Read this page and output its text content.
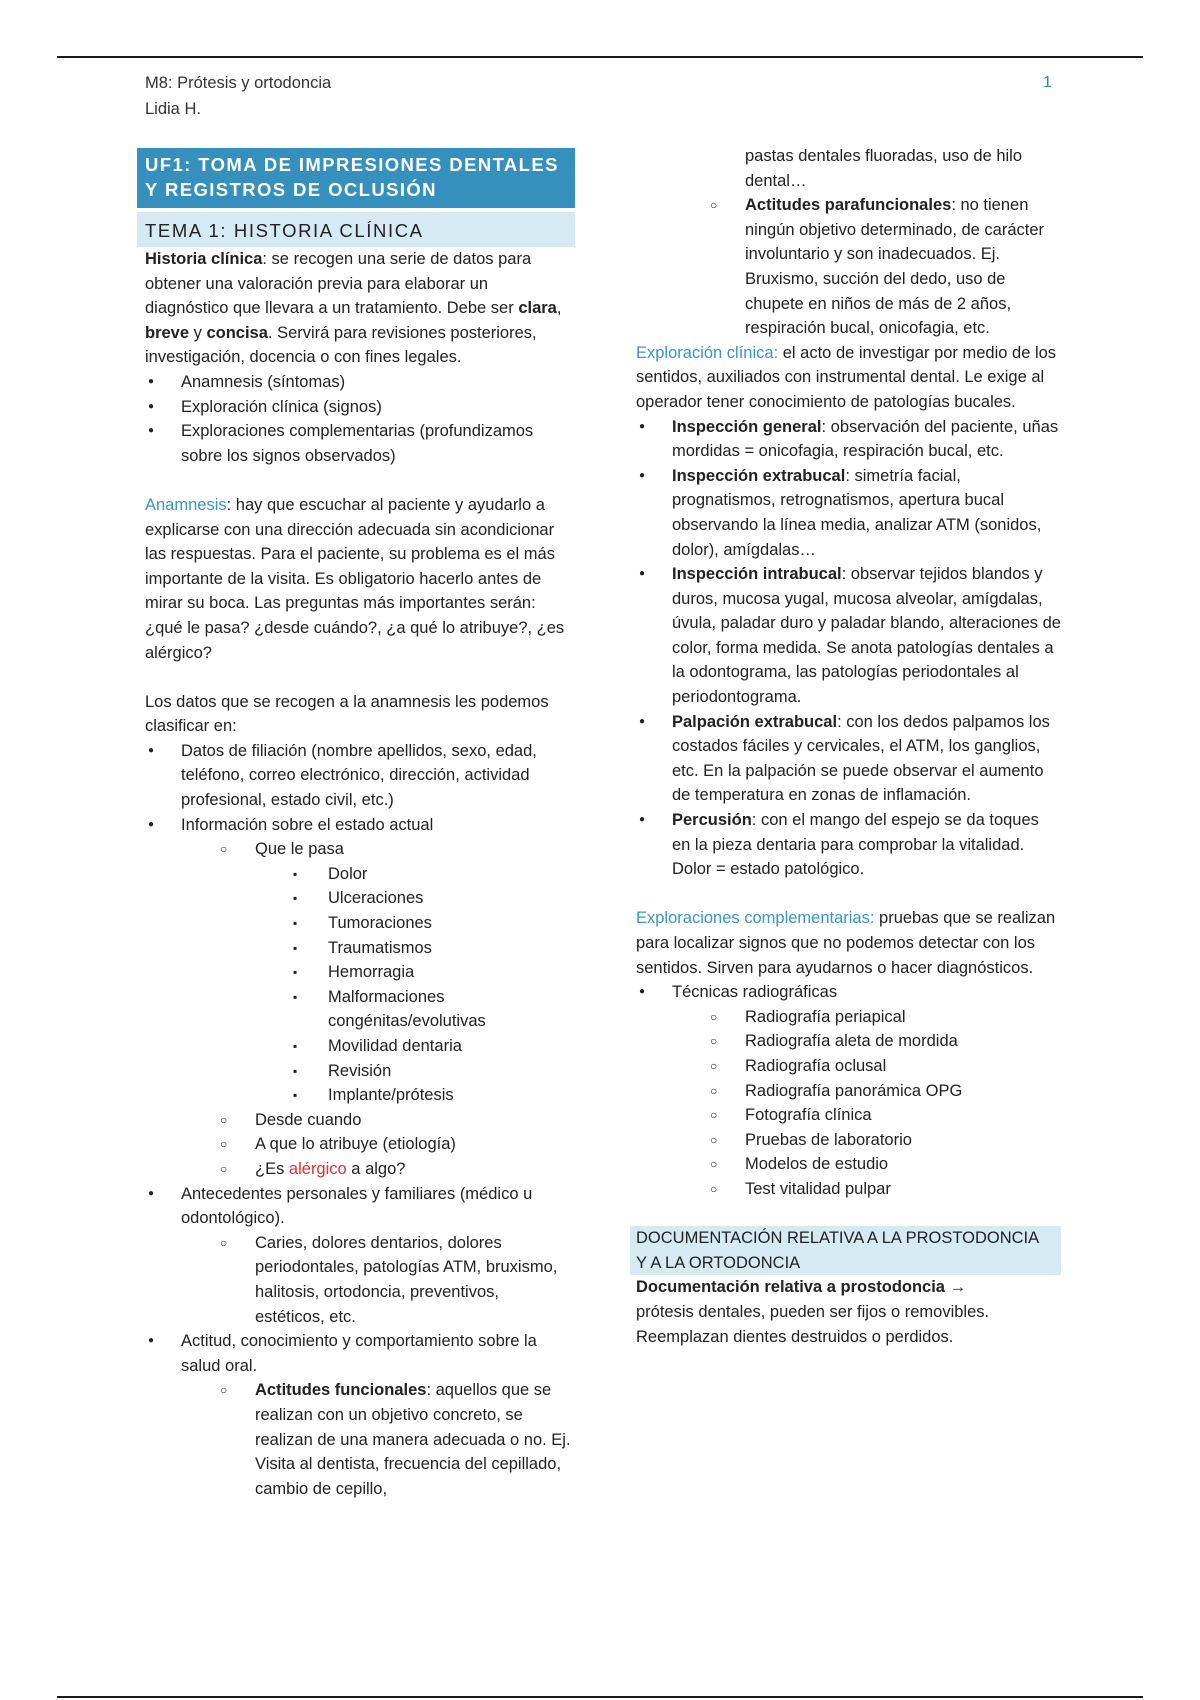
M8: Prótesis y ortodoncia
Lidia H.
1
UF1: TOMA DE IMPRESIONES DENTALES
Y REGISTROS DE OCLUSIÓN
TEMA 1: HISTORIA CLÍNICA

Historia clínica: se recogen una serie de datos para obtener una valoración previa para elaborar un diagnóstico que llevara a un tratamiento. Debe ser clara, breve y concisa. Servirá para revisiones posteriores, investigación, docencia o con fines legales.

● Anamnesis (síntomas)
● Exploración clínica (signos)
● Exploraciones complementarias (profundizamos sobre los signos observados)

Anamnesis: hay que escuchar al paciente y ayudarlo a explicarse con una dirección adecuada sin acondicionar las respuestas. Para el paciente, su problema es el más importante de la visita. Es obligatorio hacerlo antes de mirar su boca. Las preguntas más importantes serán: ¿qué le pasa? ¿desde cuándo?, ¿a qué lo atribuye?, ¿es alérgico?

Los datos que se recogen a la anamnesis les podemos clasificar en:

● Datos de filiación (nombre apellidos, sexo, edad, teléfono, correo electrónico, dirección, actividad profesional, estado civil, etc.)
● Información sobre el estado actual
○ Que le pasa
▪ Dolor
▪ Ulceraciones
▪ Tumoraciones
▪ Traumatismos
▪ Hemorragia
▪ Malformaciones congénitas/evolutivas
▪ Movilidad dentaria
▪ Revisión
▪ Implante/prótesis
○ Desde cuando
○ A que lo atribuye (etiología)
○ ¿Es alérgico a algo?
● Antecedentes personales y familiares (médico u odontológico).
○ Caries, dolores dentarios, dolores periodontales, patologías ATM, bruxismo, halitosis, ortodoncia, preventivos, estéticos, etc.
● Actitud, conocimiento y comportamiento sobre la salud oral.
○ Actitudes funcionales: aquellos que se realizan con un objetivo concreto, se realizan de una manera adecuada o no. Ej. Visita al dentista, frecuencia del cepillado, cambio de cepillo,
pastas dentales fluoradas, uso de hilo dental…
○ Actitudes parafuncionales: no tienen ningún objetivo determinado, de carácter involuntario y son inadecuados. Ej. Bruxismo, succión del dedo, uso de chupete en niños de más de 2 años, respiración bucal, onicofagia, etc.

Exploración clínica: el acto de investigar por medio de los sentidos, auxiliados con instrumental dental. Le exige al operador tener conocimiento de patologías bucales.

● Inspección general: observación del paciente, uñas mordidas = onicofagia, respiración bucal, etc.
● Inspección extrabucal: simetría facial, prognatismos, retrognatismos, apertura bucal observando la línea media, analizar ATM (sonidos, dolor), amígdalas…
● Inspección intrabucal: observar tejidos blandos y duros, mucosa yugal, mucosa alveolar, amígdalas, úvula, paladar duro y paladar blando, alteraciones de color, forma medida. Se anota patologías dentales a la odontograma, las patologías periodontales al periodontograma.
● Palpación extrabucal: con los dedos palpamos los costados fáciles y cervicales, el ATM, los ganglios, etc. En la palpación se puede observar el aumento de temperatura en zonas de inflamación.
● Percusión: con el mango del espejo se da toques en la pieza dentaria para comprobar la vitalidad. Dolor = estado patológico.

Exploraciones complementarias: pruebas que se realizan para localizar signos que no podemos detectar con los sentidos. Sirven para ayudarnos o hacer diagnósticos.

● Técnicas radiográficas
○ Radiografía periapical
○ Radiografía aleta de mordida
○ Radiografía oclusal
○ Radiografía panorámica OPG
○ Fotografía clínica
○ Pruebas de laboratorio
○ Modelos de estudio
○ Test vitalidad pulpar
DOCUMENTACIÓN RELATIVA A LA PROSTODONCIA
Y A LA ORTODONCIA

Documentación relativa a prostodoncia →
prótesis dentales, pueden ser fijos o removibles. Reemplazan dientes destruidos o perdidos.
